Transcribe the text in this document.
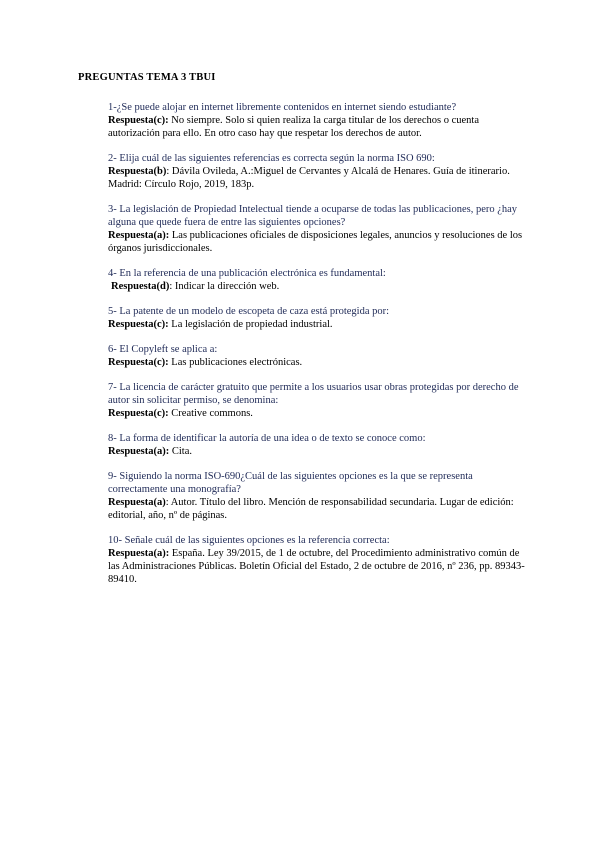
PREGUNTAS TEMA 3 TBUI
1-¿Se puede alojar en internet libremente contenidos en internet siendo estudiante?
Respuesta(c): No siempre. Solo si quien realiza la carga titular de los derechos o cuenta autorización para ello. En otro caso hay que respetar los derechos de autor.
2- Elija cuál de las siguientes referencias es correcta según la norma ISO 690:
Respuesta(b): Dávila Ovileda, A.:Miguel de Cervantes y Alcalá de Henares. Guía de itinerario. Madrid: Círculo Rojo, 2019, 183p.
3- La legislación de Propiedad Intelectual tiende a ocuparse de todas las publicaciones, pero ¿hay alguna que quede fuera de entre las siguientes opciones?
Respuesta(a): Las publicaciones oficiales de disposiciones legales, anuncios y resoluciones de los órganos jurisdiccionales.
4- En la referencia de una publicación electrónica es fundamental:
Respuesta(d): Indicar la dirección web.
5- La patente de un modelo de escopeta de caza está protegida por:
Respuesta(c): La legislación de propiedad industrial.
6- El Copyleft se aplica a:
Respuesta(c): Las publicaciones electrónicas.
7- La licencia de carácter gratuito que permite a los usuarios usar obras protegidas por derecho de autor sin solicitar permiso, se denomina:
Respuesta(c): Creative commons.
8- La forma de identificar la autoría de una idea o de texto se conoce como:
Respuesta(a): Cita.
9- Siguiendo la norma ISO-690¿Cuál de las siguientes opciones es la que se representa correctamente una monografía?
Respuesta(a): Autor. Título del libro. Mención de responsabilidad secundaria. Lugar de edición: editorial, año, nº de páginas.
10- Señale cuál de las siguientes opciones es la referencia correcta:
Respuesta(a): España. Ley 39/2015, de 1 de octubre, del Procedimiento administrativo común de las Administraciones Públicas. Boletín Oficial del Estado, 2 de octubre de 2016, nº 236, pp. 89343-89410.
